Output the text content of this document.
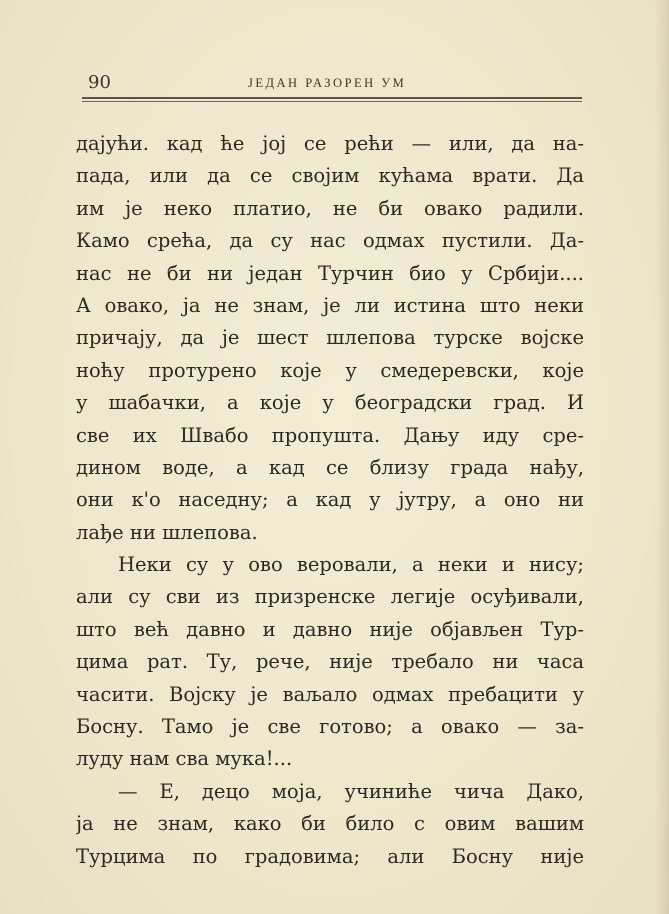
90	ЈЕДАН РАЗОРЕН УМ
дајући. кад ће јој се рећи — или, да на-
пада, или да се својим кућама врати. Да
им је неко платио, не би овако радили.
Камо срећа, да су нас одмах пустили. Да-
нас не би ни један Турчин био у Србији....
А овако, ја не знам, је ли истина што неки
причају, да је шест шлепова турске војске
ноћу протурено које у смедеревски, које
у шабачки, а које у београдски град. И
све их Швабо пропушта. Дању иду сре-
дином воде, а кад се близу града нађу,
они к'о наседну; а кад у јутру, а оно ни
лађе ни шлепова.
Неки су у ово веровали, а неки и нису;
али су сви из призренске легије осуђивали,
што већ давно и давно није објављен Тур-
цима рат. Ту, рече, није требало ни часа
часити. Војску је ваљало одмах пребацити у
Босну. Тамо је све готово; а овако — за-
луду нам сва мука!...
— Е, децо моја, учиниће чича Дако,
ја не знам, како би било с овим вашим
Турцима по градовима; али Босну није
